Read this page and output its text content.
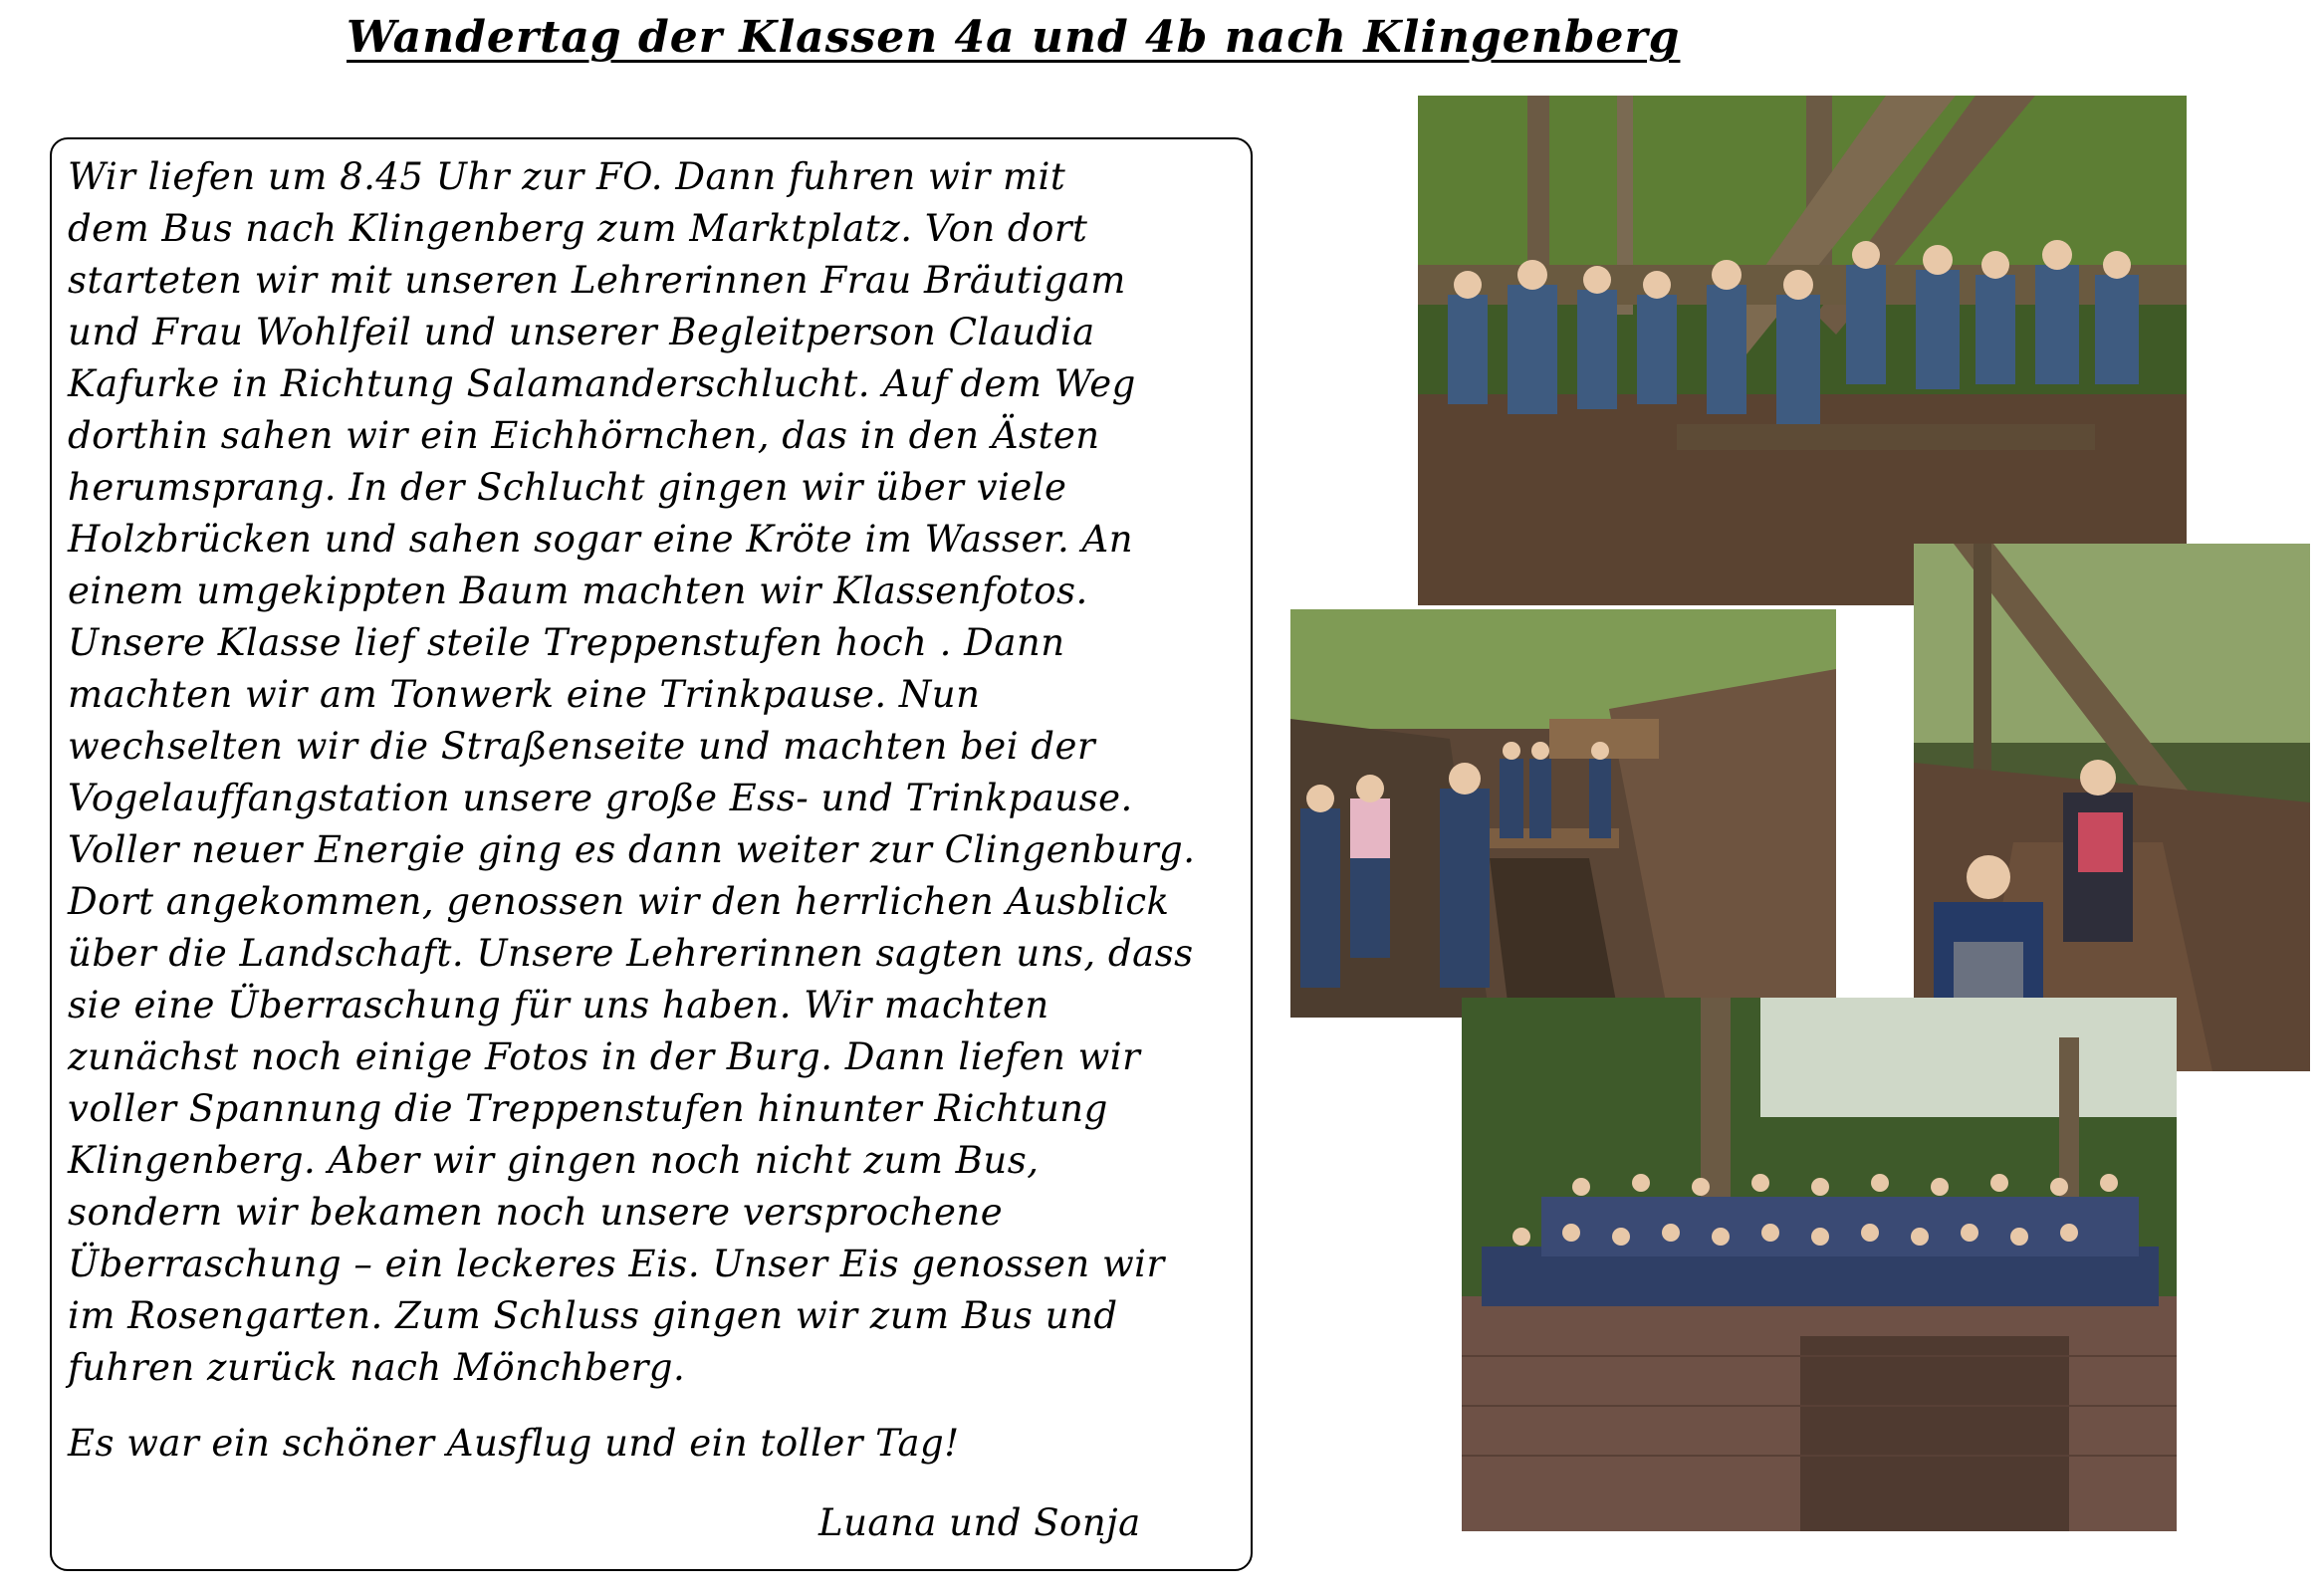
Wandertag der Klassen 4a und 4b nach Klingenberg
Wir liefen um 8.45 Uhr zur FO. Dann fuhren wir mit
dem Bus nach Klingenberg zum Marktplatz. Von dort
starteten wir mit unseren Lehrerinnen Frau Bräutigam
und Frau Wohlfeil und unserer Begleitperson Claudia
Kafurke in Richtung Salamanderschlucht. Auf dem Weg
dorthin sahen wir ein Eichhörnchen, das in den Ästen
herumsprang. In der Schlucht gingen wir über viele
Holzbrücken und sahen sogar eine Kröte im Wasser. An
einem umgekippten Baum machten wir Klassenfotos.
Unsere Klasse lief steile Treppenstufen hoch . Dann
machten wir am Tonwerk eine Trinkpause. Nun
wechselten wir die Straßenseite und machten bei der
Vogelauffangstation unsere große Ess- und Trinkpause.
Voller neuer Energie ging es dann weiter zur Clingenburg.
Dort angekommen, genossen wir den herrlichen Ausblick
über die Landschaft. Unsere Lehrerinnen sagten uns, dass
sie eine Überraschung für uns haben. Wir machten
zunächst noch einige Fotos in der Burg. Dann liefen wir
voller Spannung die Treppenstufen hinunter Richtung
Klingenberg. Aber wir gingen noch nicht zum Bus,
sondern wir bekamen noch unsere versprochene
Überraschung – ein leckeres Eis. Unser Eis genossen wir
im Rosengarten. Zum Schluss gingen wir zum Bus und
fuhren zurück nach Mönchberg.
Es war ein schöner Ausflug und ein toller Tag!
Luana und Sonja
